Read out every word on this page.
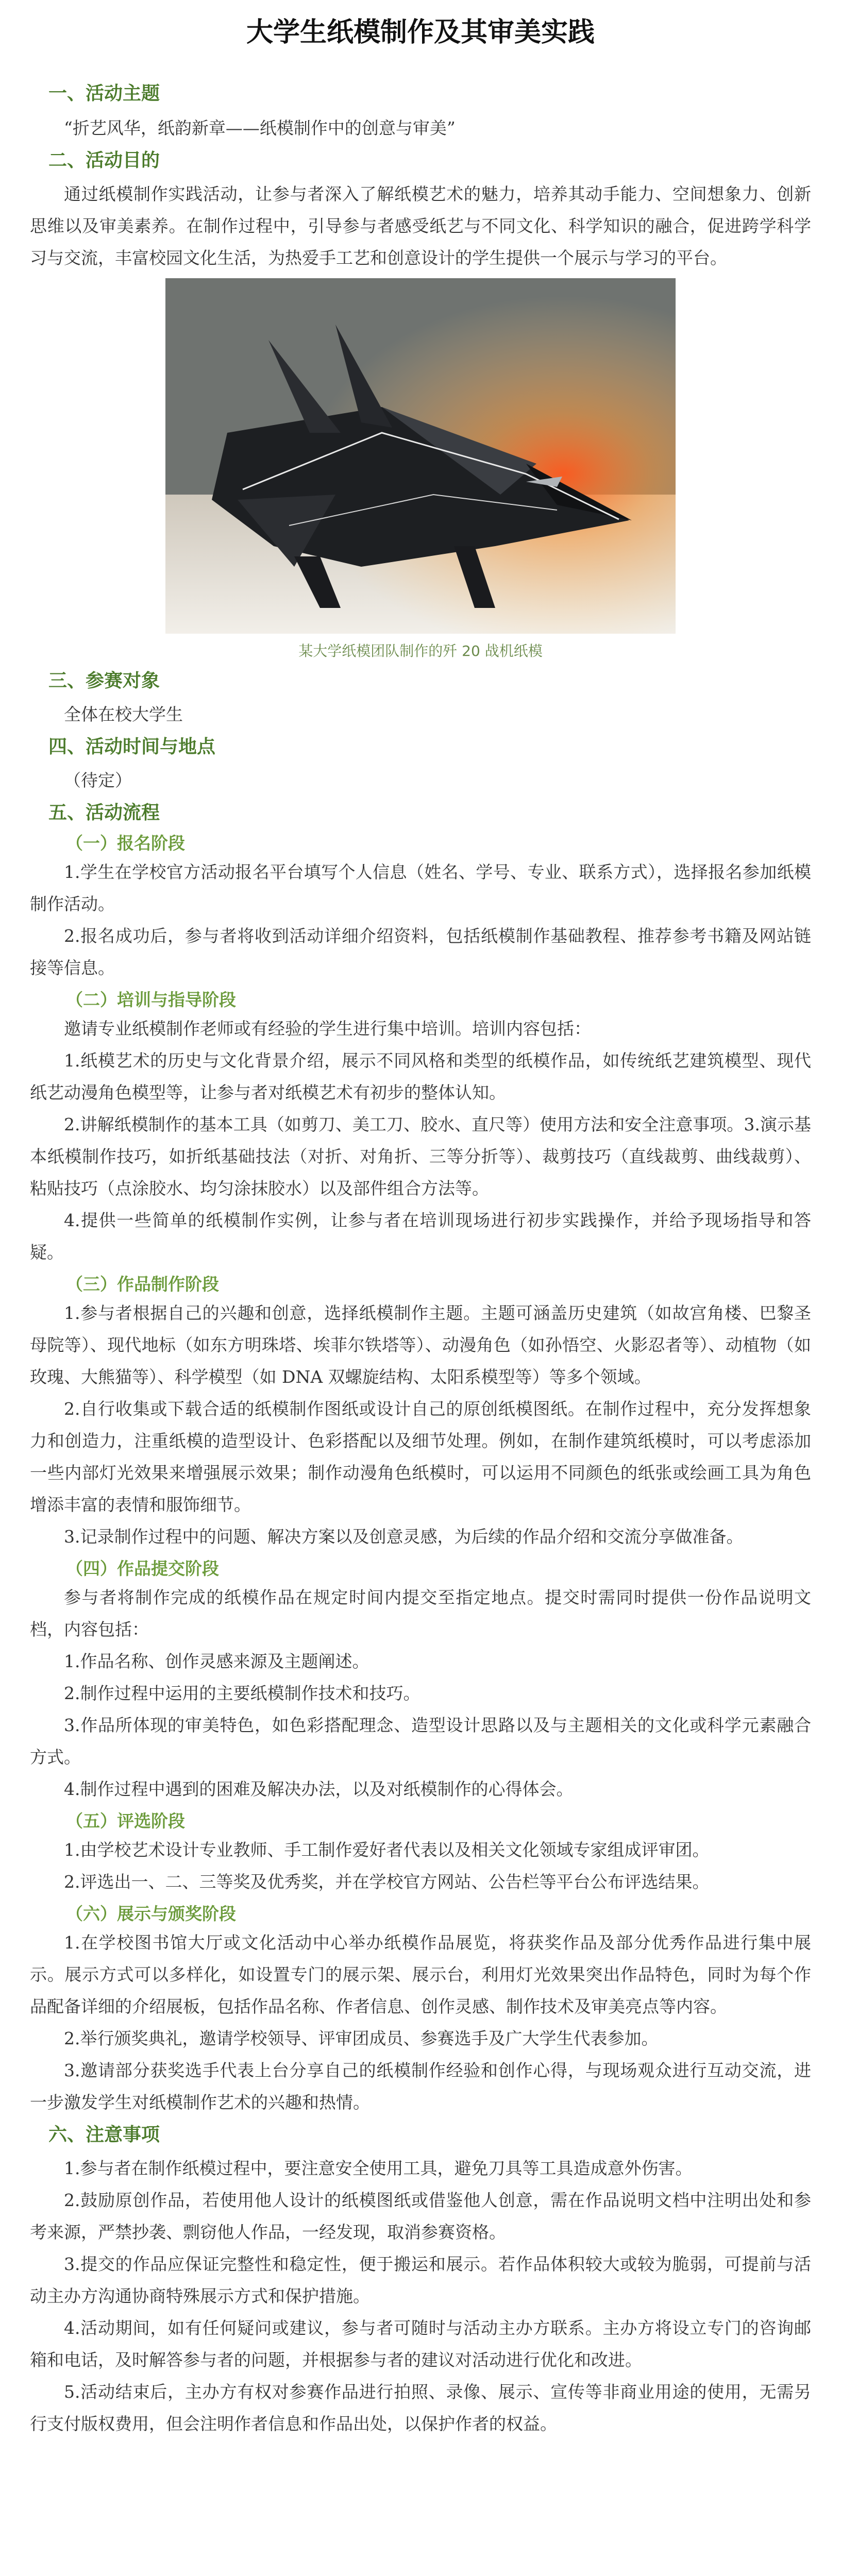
大学生纸模制作及其审美实践
一、活动主题

“折艺风华，纸韵新章——纸模制作中的创意与审美”

二、活动目的

通过纸模制作实践活动，让参与者深入了解纸模艺术的魅力，培养其动手能力、空间想象力、创新思维以及审美素养。在制作过程中，引导参与者感受纸艺与不同文化、科学知识的融合，促进跨学科学习与交流，丰富校园文化生活，为热爱手工艺和创意设计的学生提供一个展示与学习的平台。

某大学纸模团队制作的歼 20 战机纸模
三、参赛对象

全体在校大学生

四、活动时间与地点

（待定）

五、活动流程
（一）报名阶段

1.学生在学校官方活动报名平台填写个人信息（姓名、学号、专业、联系方式），选择报名参加纸模制作活动。

2.报名成功后，参与者将收到活动详细介绍资料，包括纸模制作基础教程、推荐参考书籍及网站链接等信息。

（二）培训与指导阶段

邀请专业纸模制作老师或有经验的学生进行集中培训。培训内容包括：

1.纸模艺术的历史与文化背景介绍，展示不同风格和类型的纸模作品，如传统纸艺建筑模型、现代纸艺动漫角色模型等，让参与者对纸模艺术有初步的整体认知。

2.讲解纸模制作的基本工具（如剪刀、美工刀、胶水、直尺等）使用方法和安全注意事项。3.演示基本纸模制作技巧，如折纸基础技法（对折、对角折、三等分折等）、裁剪技巧（直线裁剪、曲线裁剪）、粘贴技巧（点涂胶水、均匀涂抹胶水）以及部件组合方法等。

4.提供一些简单的纸模制作实例，让参与者在培训现场进行初步实践操作，并给予现场指导和答疑。

（三）作品制作阶段

1.参与者根据自己的兴趣和创意，选择纸模制作主题。主题可涵盖历史建筑（如故宫角楼、巴黎圣母院等）、现代地标（如东方明珠塔、埃菲尔铁塔等）、动漫角色（如孙悟空、火影忍者等）、动植物（如玫瑰、大熊猫等）、科学模型（如 DNA 双螺旋结构、太阳系模型等）等多个领域。

2.自行收集或下载合适的纸模制作图纸或设计自己的原创纸模图纸。在制作过程中，充分发挥想象力和创造力，注重纸模的造型设计、色彩搭配以及细节处理。例如，在制作建筑纸模时，可以考虑添加一些内部灯光效果来增强展示效果；制作动漫角色纸模时，可以运用不同颜色的纸张或绘画工具为角色增添丰富的表情和服饰细节。

3.记录制作过程中的问题、解决方案以及创意灵感，为后续的作品介绍和交流分享做准备。

（四）作品提交阶段

参与者将制作完成的纸模作品在规定时间内提交至指定地点。提交时需同时提供一份作品说明文档，内容包括：

1.作品名称、创作灵感来源及主题阐述。

2.制作过程中运用的主要纸模制作技术和技巧。

3.作品所体现的审美特色，如色彩搭配理念、造型设计思路以及与主题相关的文化或科学元素融合方式。

4.制作过程中遇到的困难及解决办法，以及对纸模制作的心得体会。

（五）评选阶段

1.由学校艺术设计专业教师、手工制作爱好者代表以及相关文化领域专家组成评审团。

2.评选出一、二、三等奖及优秀奖，并在学校官方网站、公告栏等平台公布评选结果。

（六）展示与颁奖阶段

1.在学校图书馆大厅或文化活动中心举办纸模作品展览，将获奖作品及部分优秀作品进行集中展示。展示方式可以多样化，如设置专门的展示架、展示台，利用灯光效果突出作品特色，同时为每个作品配备详细的介绍展板，包括作品名称、作者信息、创作灵感、制作技术及审美亮点等内容。

2.举行颁奖典礼，邀请学校领导、评审团成员、参赛选手及广大学生代表参加。

3.邀请部分获奖选手代表上台分享自己的纸模制作经验和创作心得，与现场观众进行互动交流，进一步激发学生对纸模制作艺术的兴趣和热情。

六、注意事项

1.参与者在制作纸模过程中，要注意安全使用工具，避免刀具等工具造成意外伤害。

2.鼓励原创作品，若使用他人设计的纸模图纸或借鉴他人创意，需在作品说明文档中注明出处和参考来源，严禁抄袭、剽窃他人作品，一经发现，取消参赛资格。

3.提交的作品应保证完整性和稳定性，便于搬运和展示。若作品体积较大或较为脆弱，可提前与活动主办方沟通协商特殊展示方式和保护措施。

4.活动期间，如有任何疑问或建议，参与者可随时与活动主办方联系。主办方将设立专门的咨询邮箱和电话，及时解答参与者的问题，并根据参与者的建议对活动进行优化和改进。

5.活动结束后，主办方有权对参赛作品进行拍照、录像、展示、宣传等非商业用途的使用，无需另行支付版权费用，但会注明作者信息和作品出处，以保护作者的权益。
